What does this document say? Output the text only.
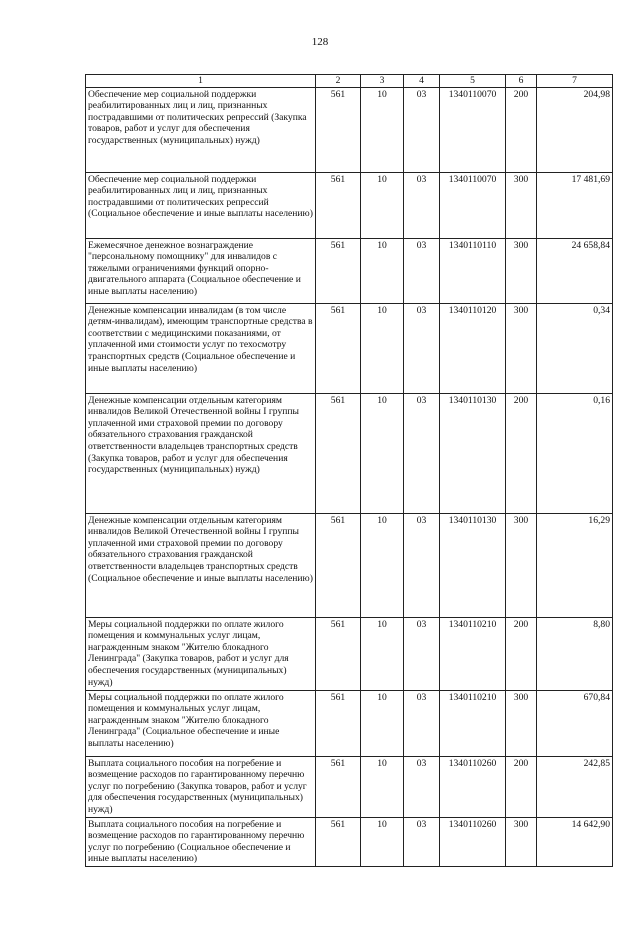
128
1	2	3	4	5	6	7
Обеспечение мер социальной поддержки реабилитированных лиц и лиц, признанных пострадавшими от политических репрессий (Закупка товаров, работ и услуг для обеспечения государственных (муниципальных) нужд)	561	10	03	1340110070	200	204,98
Обеспечение мер социальной поддержки реабилитированных лиц и лиц, признанных пострадавшими от политических репрессий (Социальное обеспечение и иные выплаты населению)	561	10	03	1340110070	300	17 481,69
Ежемесячное денежное вознаграждение "персональному помощнику" для инвалидов с тяжелыми ограничениями функций опорно-двигательного аппарата (Социальное обеспечение и иные выплаты населению)	561	10	03	1340110110	300	24 658,84
Денежные компенсации инвалидам (в том числе детям-инвалидам), имеющим транспортные средства в соответствии с медицинскими показаниями, от уплаченной ими стоимости услуг по техосмотру транспортных средств (Социальное обеспечение и иные выплаты населению)	561	10	03	1340110120	300	0,34
Денежные компенсации отдельным категориям инвалидов Великой Отечественной войны I группы уплаченной ими страховой премии по договору обязательного страхования гражданской ответственности владельцев транспортных средств (Закупка товаров, работ и услуг для обеспечения государственных (муниципальных) нужд)	561	10	03	1340110130	200	0,16
Денежные компенсации отдельным категориям инвалидов Великой Отечественной войны I группы уплаченной ими страховой премии по договору обязательного страхования гражданской ответственности владельцев транспортных средств (Социальное обеспечение и иные выплаты населению)	561	10	03	1340110130	300	16,29
Меры социальной поддержки по оплате жилого помещения и коммунальных услуг лицам, награжденным знаком "Жителю блокадного Ленинграда" (Закупка товаров, работ и услуг для обеспечения государственных (муниципальных) нужд)	561	10	03	1340110210	200	8,80
Меры социальной поддержки по оплате жилого помещения и коммунальных услуг лицам, награжденным знаком "Жителю блокадного Ленинграда" (Социальное обеспечение и иные выплаты населению)	561	10	03	1340110210	300	670,84
Выплата социального пособия на погребение и возмещение расходов по гарантированному перечню услуг по погребению (Закупка товаров, работ и услуг для обеспечения государственных (муниципальных) нужд)	561	10	03	1340110260	200	242,85
Выплата социального пособия на погребение и возмещение расходов по гарантированному перечню услуг по погребению (Социальное обеспечение и иные выплаты населению)	561	10	03	1340110260	300	14 642,90
